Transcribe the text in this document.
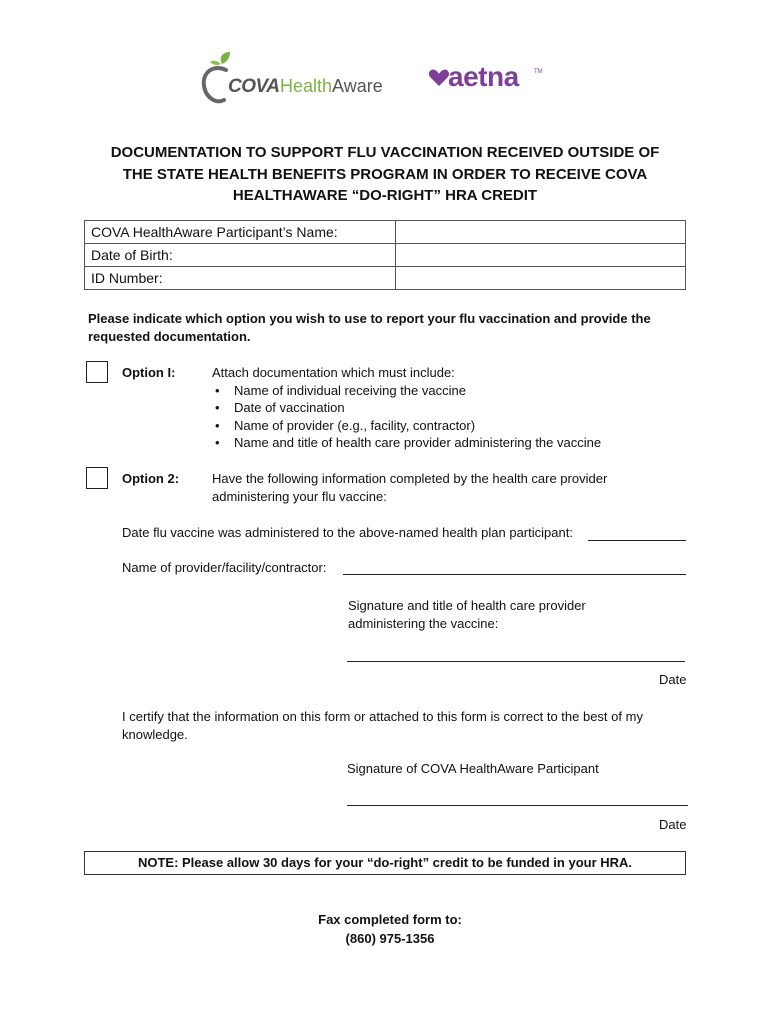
COVA HealthAware aetna	TM
DOCUMENTATION TO SUPPORT FLU VACCINATION RECEIVED OUTSIDE OF
THE STATE HEALTH BENEFITS PROGRAM IN ORDER TO RECEIVE COVA
HEALTHAWARE “DO-RIGHT” HRA CREDIT
COVA HealthAware Participant’s Name:	
Date of Birth:	
ID Number:	
Please indicate which option you wish to use to report your flu vaccination and provide the
requested documentation.
Option I:	Attach documentation which must include:
• Name of individual receiving the vaccine
• Date of vaccination
• Name of provider (e.g., facility, contractor)
• Name and title of health care provider administering the vaccine
Option 2:	Have the following information completed by the health care provider
administering your flu vaccine:
Date flu vaccine was administered to the above-named health plan participant:
Name of provider/facility/contractor:
Signature and title of health care provider
administering the vaccine:
Date
I certify that the information on this form or attached to this form is correct to the best of my
knowledge.
Signature of COVA HealthAware Participant
Date
NOTE: Please allow 30 days for your “do-right” credit to be funded in your HRA.
Fax completed form to:
(860) 975-1356
